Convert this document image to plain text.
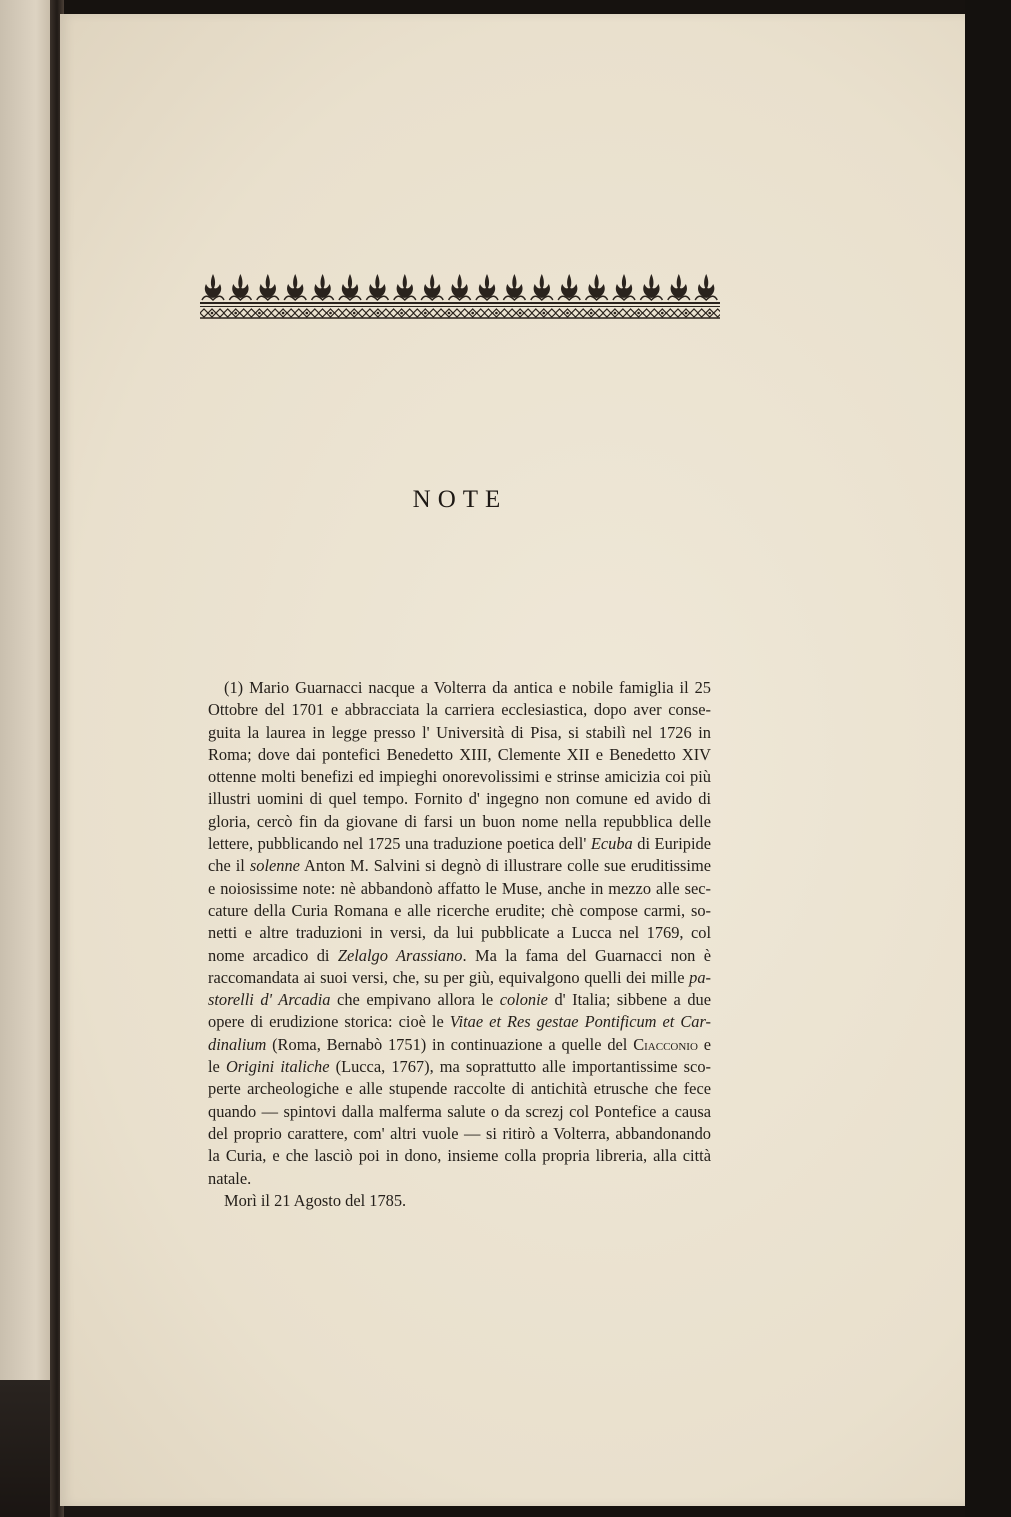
NOTE
(1) Mario Guarnacci nacque a Volterra da antica e nobile famiglia il 25
Ottobre del 1701 e abbracciata la carriera ecclesiastica, dopo aver conse-
guita la laurea in legge presso l' Università di Pisa, si stabilì nel 1726 in
Roma; dove dai pontefici Benedetto XIII, Clemente XII e Benedetto XIV
ottenne molti benefizi ed impieghi onorevolissimi e strinse amicizia coi più
illustri uomini di quel tempo. Fornito d' ingegno non comune ed avido di
gloria, cercò fin da giovane di farsi un buon nome nella repubblica delle
lettere, pubblicando nel 1725 una traduzione poetica dell' Ecuba di Euripide
che il solenne Anton M. Salvini si degnò di illustrare colle sue eruditissime
e noiosissime note: nè abbandonò affatto le Muse, anche in mezzo alle sec-
cature della Curia Romana e alle ricerche erudite; chè compose carmi, so-
netti e altre traduzioni in versi, da lui pubblicate a Lucca nel 1769, col
nome arcadico di Zelalgo Arassiano. Ma la fama del Guarnacci non è
raccomandata ai suoi versi, che, su per giù, equivalgono quelli dei mille pa-
storelli d' Arcadia che empivano allora le colonie d' Italia; sibbene a due
opere di erudizione storica: cioè le Vitae et Res gestae Pontificum et Car-
dinalium (Roma, Bernabò 1751) in continuazione a quelle del Ciacconio e
le Origini italiche (Lucca, 1767), ma soprattutto alle importantissime sco-
perte archeologiche e alle stupende raccolte di antichità etrusche che fece
quando — spintovi dalla malferma salute o da screzj col Pontefice a causa
del proprio carattere, com' altri vuole — si ritirò a Volterra, abbandonando
la Curia, e che lasciò poi in dono, insieme colla propria libreria, alla città
natale.
Morì il 21 Agosto del 1785.
